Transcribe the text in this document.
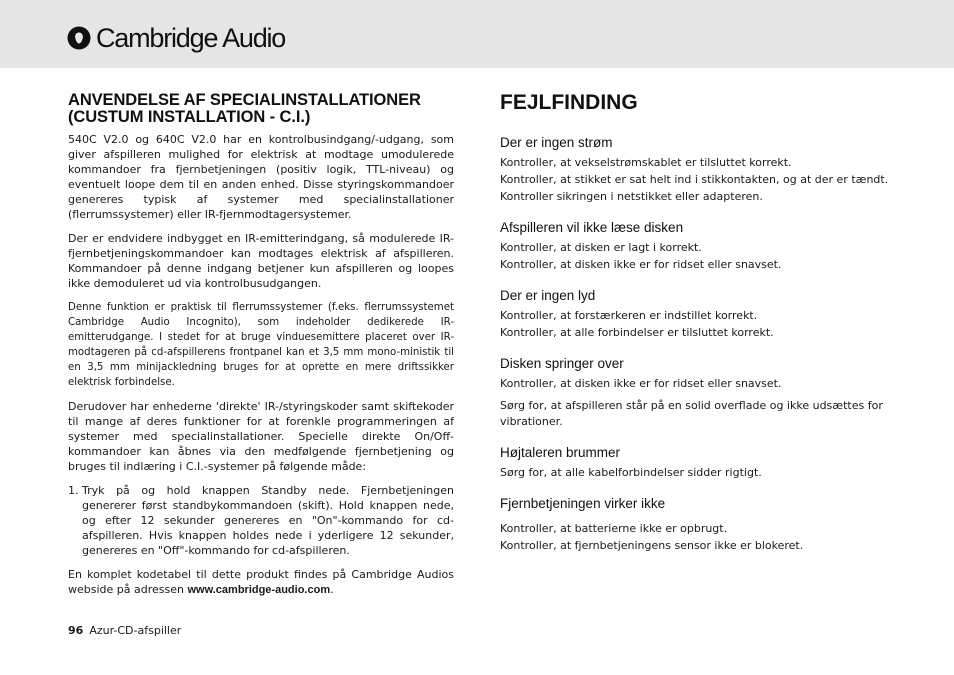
Cambridge Audio
ANVENDELSE AF SPECIALINSTALLATIONER
(CUSTUM INSTALLATION - C.I.)

540C V2.0 og 640C V2.0 har en kontrolbusindgang/-udgang, som giver afspilleren mulighed for elektrisk at modtage umodulerede kommandoer fra fjernbetjeningen (positiv logik, TTL-niveau) og eventuelt loope dem til en anden enhed. Disse styringskommandoer genereres typisk af systemer med specialinstallationer (flerrumssystemer) eller IR-fjernmodtagersystemer.

Der er endvidere indbygget en IR-emitterindgang, så modulerede IR-fjernbetjeningskommandoer kan modtages elektrisk af afspilleren. Kommandoer på denne indgang betjener kun afspilleren og loopes ikke demoduleret ud via kontrolbusudgangen.

Denne funktion er praktisk til flerrumssystemer (f.eks. flerrumssystemet Cambridge Audio Incognito), som indeholder dedikerede IR-emitterudgange. I stedet for at bruge vinduesemittere placeret over IR-modtageren på cd-afspillerens frontpanel kan et 3,5 mm mono-ministik til en 3,5 mm minijackledning bruges for at oprette en mere driftssikker elektrisk forbindelse.

Derudover har enhederne 'direkte' IR-/styringskoder samt skiftekoder til mange af deres funktioner for at forenkle programmeringen af systemer med specialinstallationer. Specielle direkte On/Off-kommandoer kan åbnes via den medfølgende fjernbetjening og bruges til indlæring i C.I.-systemer på følgende måde:

1. Tryk på og hold knappen Standby nede. Fjernbetjeningen genererer først standbykommandoen (skift). Hold knappen nede, og efter 12 sekunder genereres en "On"-kommando for cd-afspilleren. Hvis knappen holdes nede i yderligere 12 sekunder, genereres en "Off"-kommando for cd-afspilleren.

En komplet kodetabel til dette produkt findes på Cambridge Audios webside på adressen www.cambridge-audio.com.

FEJLFINDING
Der er ingen strøm
Kontroller, at vekselstrømskablet er tilsluttet korrekt.
Kontroller, at stikket er sat helt ind i stikkontakten, og at der er tændt.
Kontroller sikringen i netstikket eller adapteren.
Afspilleren vil ikke læse disken
Kontroller, at disken er lagt i korrekt.
Kontroller, at disken ikke er for ridset eller snavset.
Der er ingen lyd
Kontroller, at forstærkeren er indstillet korrekt.
Kontroller, at alle forbindelser er tilsluttet korrekt.
Disken springer over
Kontroller, at disken ikke er for ridset eller snavset.
Sørg for, at afspilleren står på en solid overflade og ikke udsættes for vibrationer.
Højtaleren brummer
Sørg for, at alle kabelforbindelser sidder rigtigt.
Fjernbetjeningen virker ikke
Kontroller, at batterierne ikke er opbrugt.
Kontroller, at fjernbetjeningens sensor ikke er blokeret.
96 Azur-CD-afspiller
